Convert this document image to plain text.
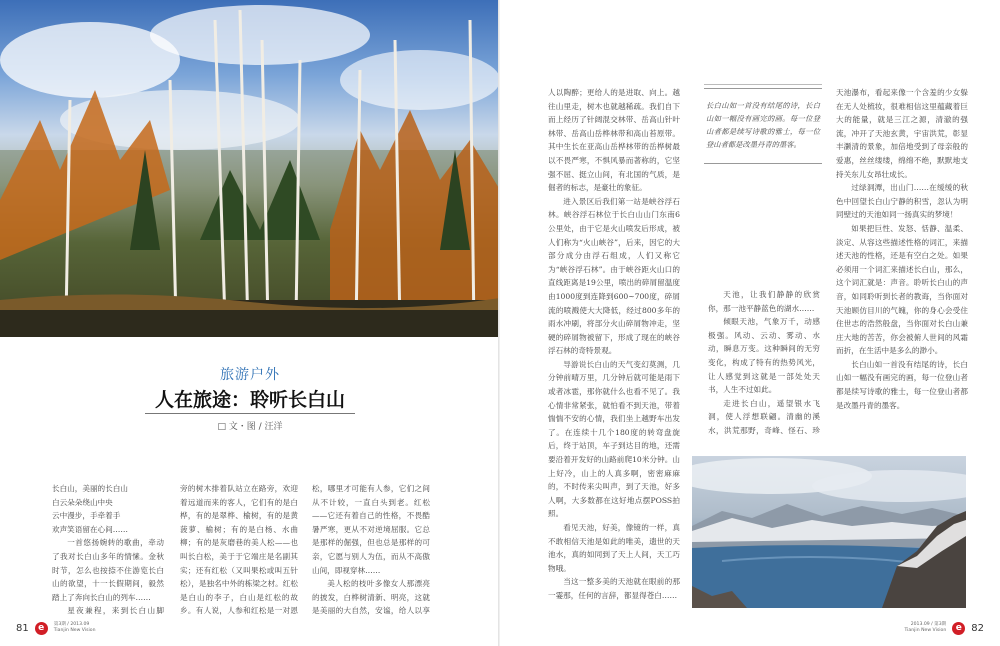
旅游户外
人在旅途：聆听长白山
□ 文・图 / 汪洋

长白山，美丽的长白山

白云朵朵绕山中央

云中漫步，手牵着手

欢声笑语留在心间……

一首悠扬婉转的歌曲，牵动了我对长白山多年的情愫。金秋时节，怎么也按捺不住游览长白山的欲望，十一长假期间，毅然踏上了奔向长白山的列车……

星夜兼程，来到长白山脚

旁的树木排着队站立在路旁，欢迎着远道而来的客人，它们有的是白桦，有的是翠桦、榆树，有的是黄菠萝、榆树；有的是白杨、水曲柳；有的是灰磨巷的美人松——也叫长白松，美于于它端庄是名副其实；还有红松（又叫果松或叫五针松），是独名中外的栋梁之材。红松是白山的李子，白山是红松的故乡。有人说，人参和红松是一对恩

松，哪里才可能有人参，它们之间从不计较，一直白头到老。红松——它还有着自己的性格，不畏酷暑严寒，更从不对逆境屈服。它总是那样的倔强，但也总是那样的可亲，它愿与别人为伍，而从不高傲山间，即视穿林……

美人松的枝叶多像女人那漂亮的披发，白桦树清新、明亮，这就是美丽的大自然，安谧，给人以享

81	e	第3期 / 2013.09
Tianjin New Vision

人以陶醉；更给人的是进取、向上。越往山里走，树木也就越稀疏。我们自下而上经历了针阔混交林带、岳高山针叶林带、岳高山岳桦林带和高山苔原带。其中生长在亚高山岳桦林带的岳桦树最以不畏严寒，不惧风暴而著称的，它坚强不屈、挺立山间，有北国的气质，是倔者的标志，是豪壮的象征。

进入景区后我们第一站是峡谷浮石林。峡谷浮石林位于长白山山门东南6公里处，由于它是火山喷发后形成，被人们称为“火山峡谷”，后来，因它的大部分成分由浮石组成，人们又称它为“峡谷浮石林”。由于峡谷距火山口的直线距离是19公里，喷出的碎屑留温度由1000度到连降到600~700度，碎屑流的喷溅使大大降低，经过800多年的雨水冲刷，将部分火山碎屑物冲走，坚硬的碎屑物被留下，形成了现在的峡谷浮石林的奇特景观。

导游说长白山的天气变幻莫测，几分钟前晴万里，几分钟后就可能是雨下或者冰雹，那你就什么也看不见了。我心情非常紧张，就怕看不到天池，带着惴惴不安的心情，我们坐上越野车出发了。在连续十几个180度的转弯盘旋后，终于站顶，车子到达目的地，还需要沿着开发好的山路前爬10米分钟。山上好冷，山上的人真多啊，密密麻麻的，不时传来尖叫声，到了天池，好多人啊，大多数都在这好地点摆POSS拍照。

看见天池，好美，像镜的一样，真不敢相信天池是如此的唯美，遗世的天池水，真的如同到了天上人间，天工巧物哦。

当这一整多美的天池就在眼前的那一霎那，任何的言辞，都显得苍白……

长白山如一首没有结尾的诗，长白山如一幅没有画完的画。每一位登山者都是续写诗歌的雅士，每一位登山者都是改墨丹青的墨客。

天池，让我们静静的欣赏你，那一池平静蓝色的湖水……

倾眼天池，气象万千，动感极强。风动、云动、雾动、水动，瞬息万变。这种瞬间的无穷变化，构成了特有的热势风光，让人感觉到这就是一部处处天书，人生不过如此。

走进长白山，遥望银水飞洞，使人浮想联翩。清幽的溪水，洪荒那野，奇峰、怪石、珍

天池瀑布，看起来像一个含羞的少女躲在无人处梳妆，很难相信这里蕴藏着巨大的能量，就是三江之源，清澈的强流，冲开了天池玄黄，宇宙洪荒，彰显丰灏清的景象，加倍地受到了母亲般的爱惠，丝丝缕缕，绵绵不绝，默默地支持关东儿女昂壮成长。

过绿洞潭，出山门……在缓缓的秋色中回望长白山宁静的积雪，忽认为明同壁过的天池如同一扬真实的梦境！

如果把巨性、发怒、恬静、温柔、淡定、从容这些描述性格的词汇，来描述天池的性格，还是有空白之处。如果必须用一个词汇来描述长白山，那么，这个词汇就是：声音。聆听长白山的声音，如同聆听到长者的教诲，当你面对天池顾仿目川的气魄，你的身心会受住住世志的浩然般盘，当你面对长白山兼庄大地的苦苦，你会被俯人世间的风霜而折，在生活中是多么的渺小。

长白山如一首没有结尾的诗，长白山如一幅没有画完的画，每一位登山者都是续写诗歌的雅士，每一位登山者都是改墨丹青的墨客。

2013.09 / 第3期
Tianjin New Vision	e 82
